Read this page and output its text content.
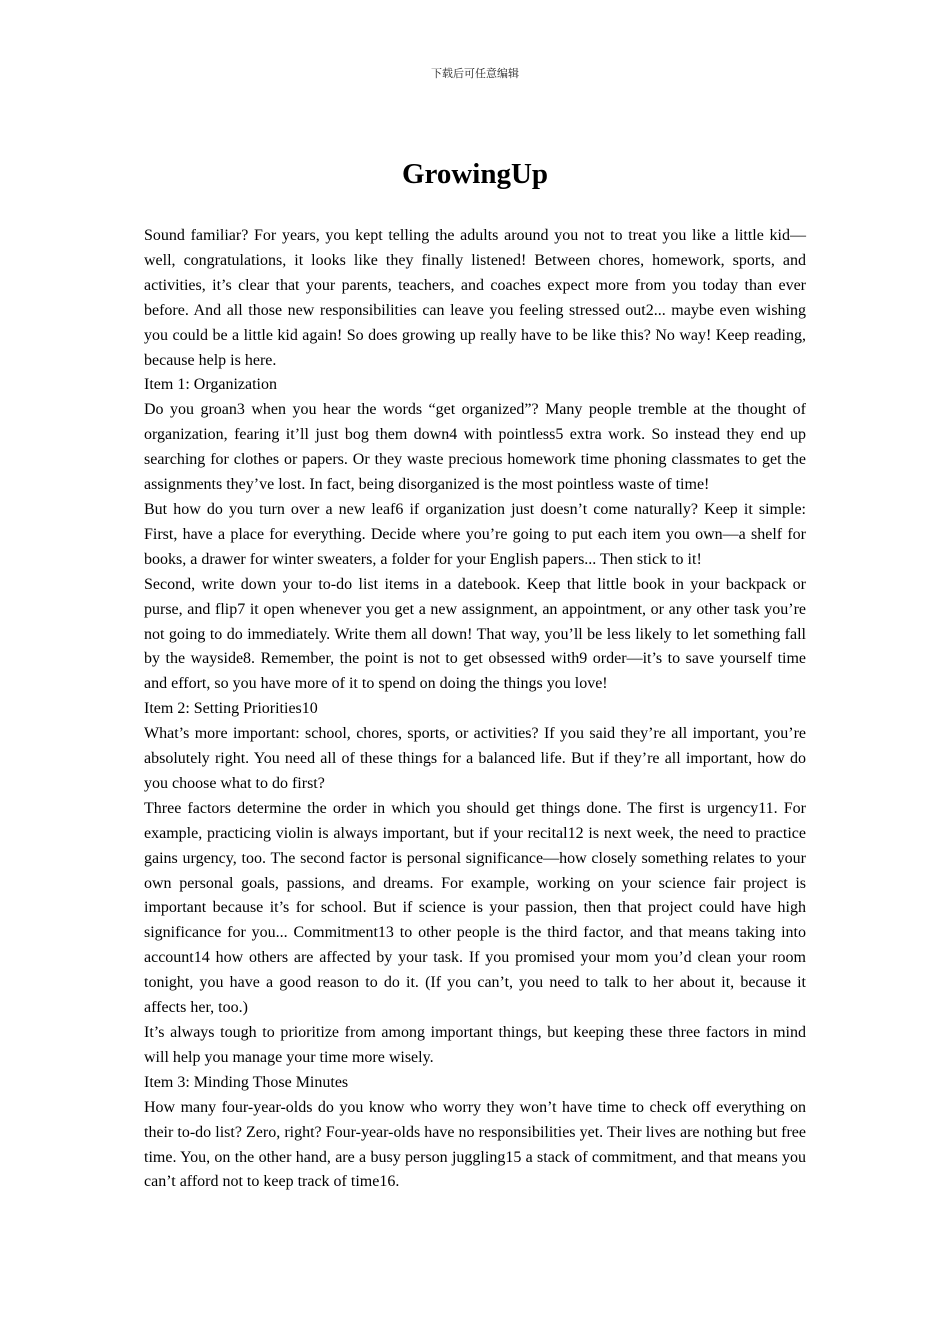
下载后可任意编辑
GrowingUp

Sound familiar? For years, you kept telling the adults around you not to treat you like a little kid—well, congratulations, it looks like they finally listened! Between chores, homework, sports, and activities, it’s clear that your parents, teachers, and coaches expect more from you today than ever before. And all those new responsibilities can leave you feeling stressed out2... maybe even wishing you could be a little kid again! So does growing up really have to be like this? No way! Keep reading, because help is here.

Item 1: Organization

Do you groan3 when you hear the words “get organized”? Many people tremble at the thought of organization, fearing it’ll just bog them down4 with pointless5 extra work. So instead they end up searching for clothes or papers. Or they waste precious homework time phoning classmates to get the assignments they’ve lost. In fact, being disorganized is the most pointless waste of time!

But how do you turn over a new leaf6 if organization just doesn’t come naturally? Keep it simple: First, have a place for everything. Decide where you’re going to put each item you own—a shelf for books, a drawer for winter sweaters, a folder for your English papers... Then stick to it!

Second, write down your to-do list items in a datebook. Keep that little book in your backpack or purse, and flip7 it open whenever you get a new assignment, an appointment, or any other task you’re not going to do immediately. Write them all down! That way, you’ll be less likely to let something fall by the wayside8. Remember, the point is not to get obsessed with9 order—it’s to save yourself time and effort, so you have more of it to spend on doing the things you love!

Item 2: Setting Priorities10

What’s more important: school, chores, sports, or activities? If you said they’re all important, you’re absolutely right. You need all of these things for a balanced life. But if they’re all important, how do you choose what to do first?

Three factors determine the order in which you should get things done. The first is urgency11. For example, practicing violin is always important, but if your recital12 is next week, the need to practice gains urgency, too. The second factor is personal significance—how closely something relates to your own personal goals, passions, and dreams. For example, working on your science fair project is important because it’s for school. But if science is your passion, then that project could have high significance for you... Commitment13 to other people is the third factor, and that means taking into account14 how others are affected by your task. If you promised your mom you’d clean your room tonight, you have a good reason to do it. (If you can’t, you need to talk to her about it, because it affects her, too.)

It’s always tough to prioritize from among important things, but keeping these three factors in mind will help you manage your time more wisely.

Item 3: Minding Those Minutes

How many four-year-olds do you know who worry they won’t have time to check off everything on their to-do list? Zero, right? Four-year-olds have no responsibilities yet. Their lives are nothing but free time. You, on the other hand, are a busy person juggling15 a stack of commitment, and that means you can’t afford not to keep track of time16.
